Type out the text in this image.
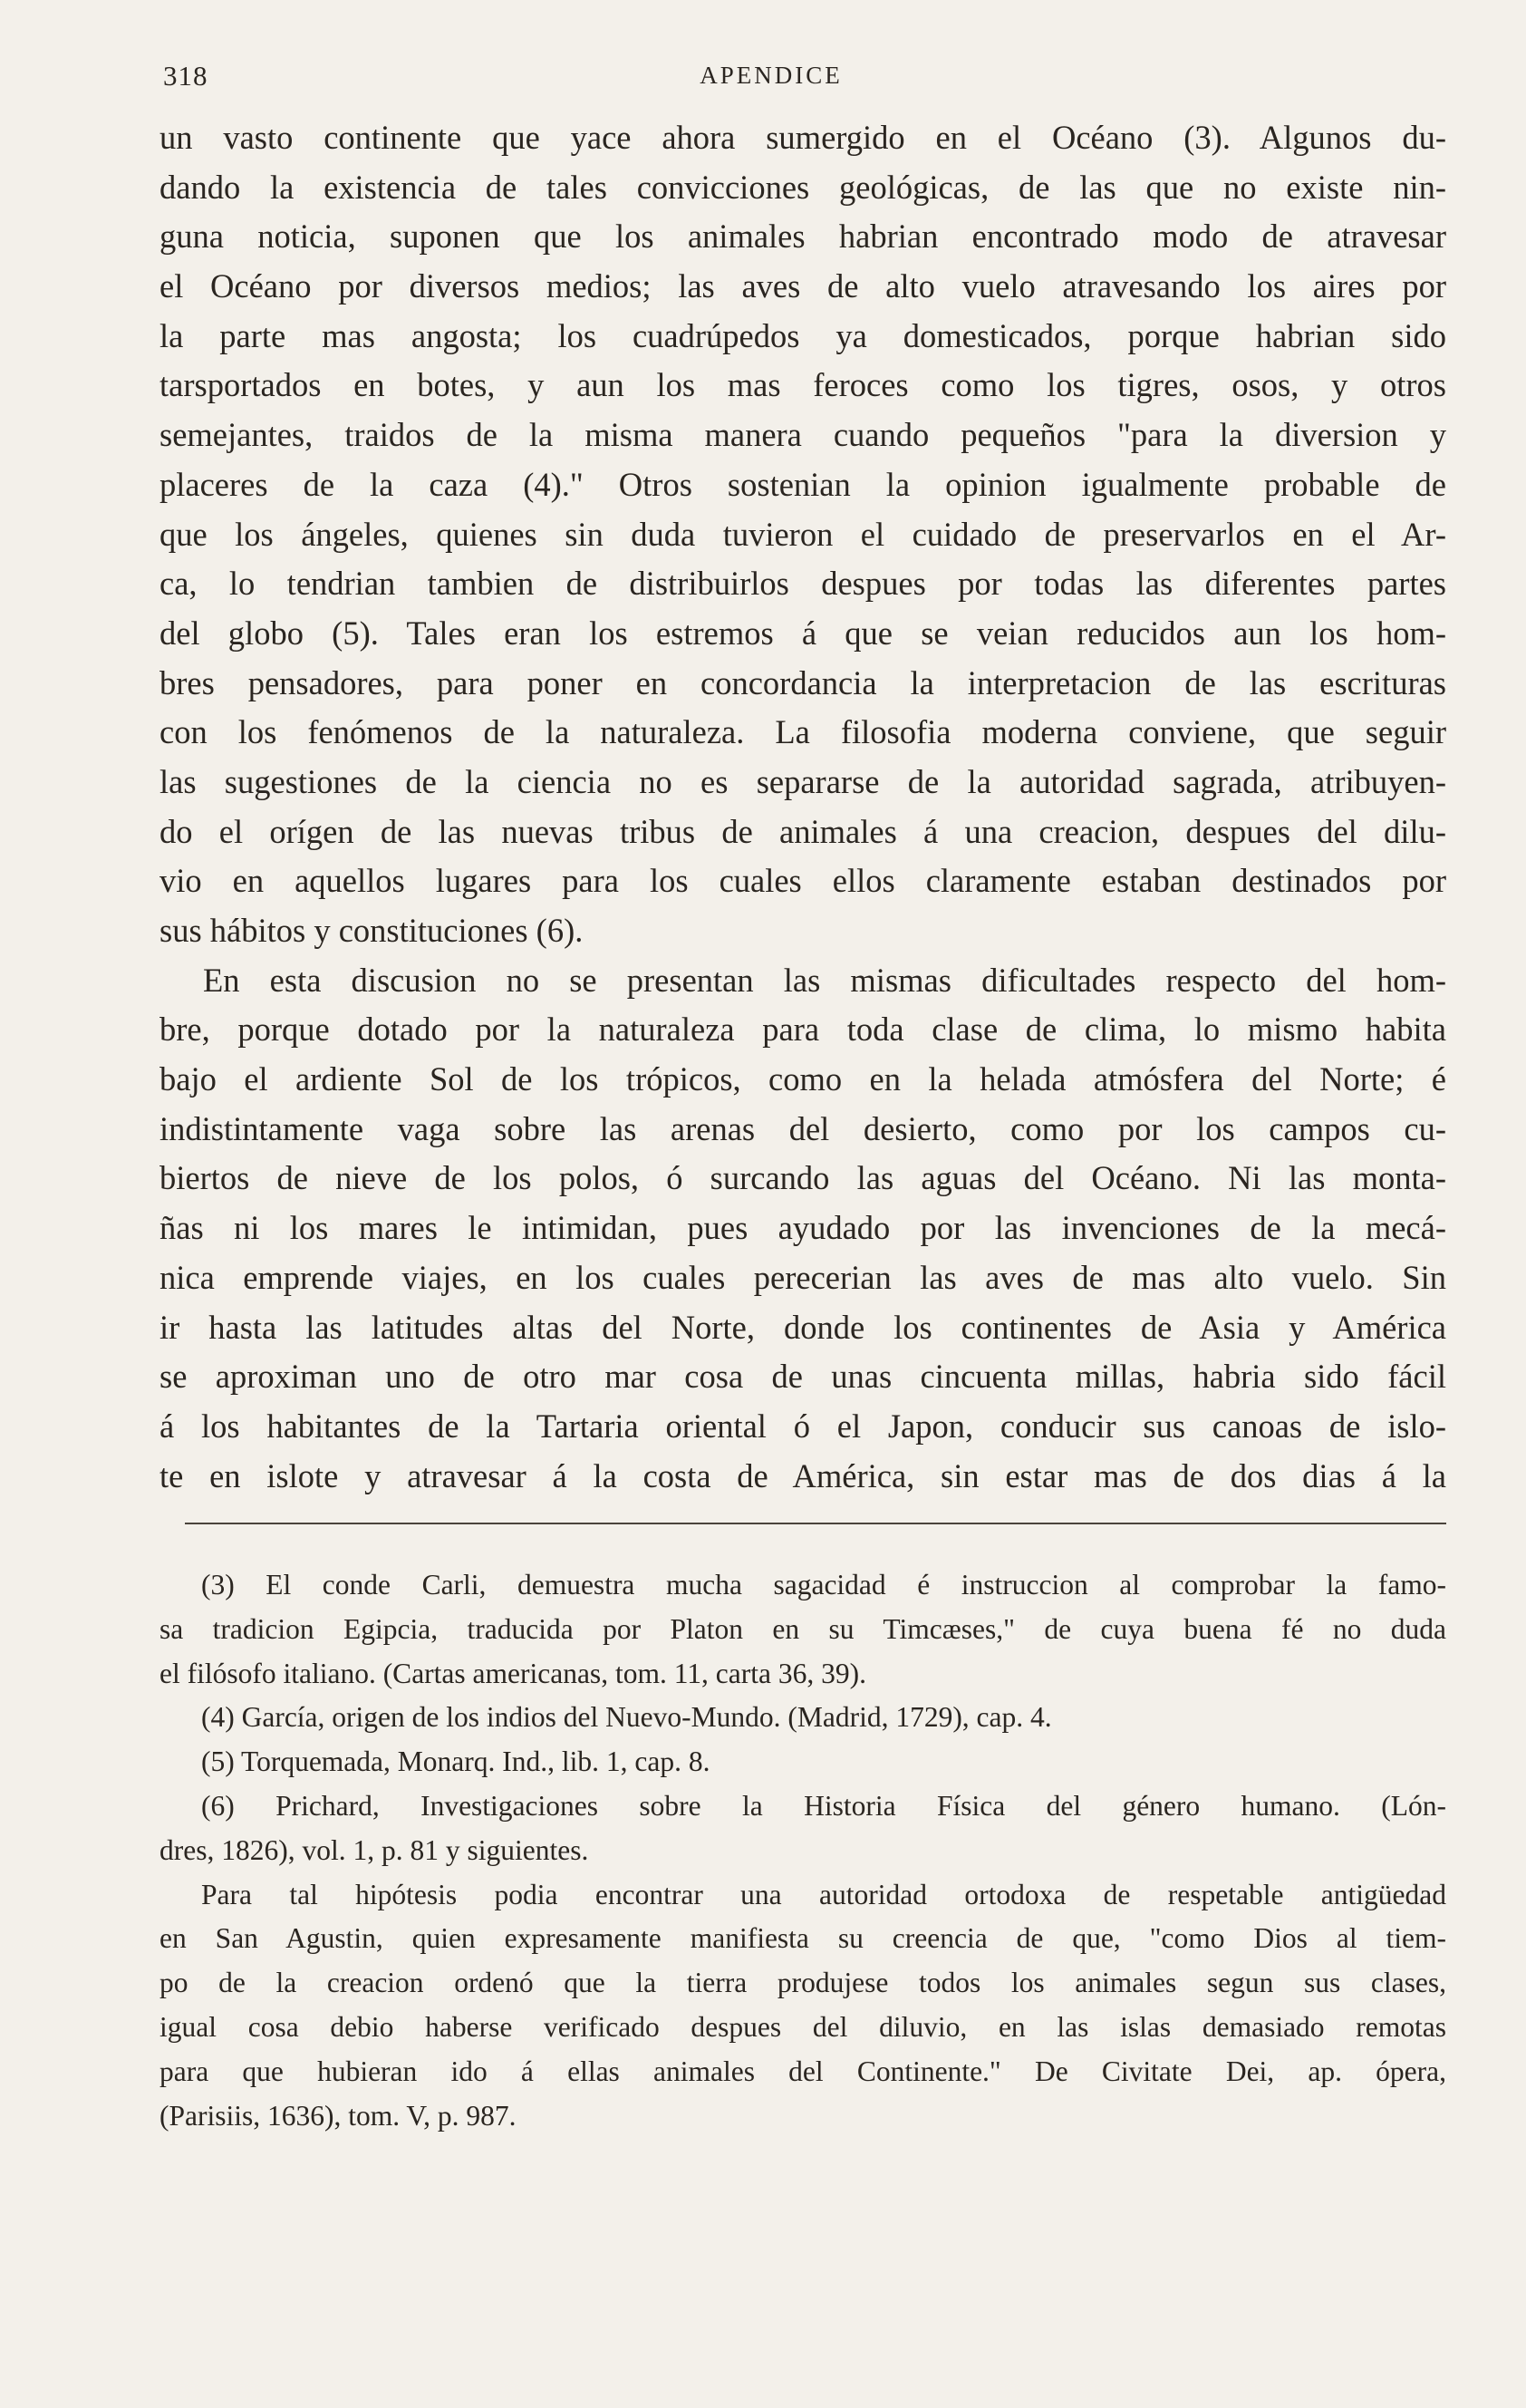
318	APENDICE
un vasto continente que yace ahora sumergido en el Océano (3). Algunos du-
dando la existencia de tales convicciones geológicas, de las que no existe nin-
guna noticia, suponen que los animales habrian encontrado modo de atravesar
el Océano por diversos medios; las aves de alto vuelo atravesando los aires por
la parte mas angosta; los cuadrúpedos ya domesticados, porque habrian sido
tarsportados en botes, y aun los mas feroces como los tigres, osos, y otros
semejantes, traidos de la misma manera cuando pequeños "para la diversion y
placeres de la caza (4)." Otros sostenian la opinion igualmente probable de
que los ángeles, quienes sin duda tuvieron el cuidado de preservarlos en el Ar-
ca, lo tendrian tambien de distribuirlos despues por todas las diferentes partes
del globo (5). Tales eran los estremos á que se veian reducidos aun los hom-
bres pensadores, para poner en concordancia la interpretacion de las escrituras
con los fenómenos de la naturaleza. La filosofia moderna conviene, que seguir
las sugestiones de la ciencia no es separarse de la autoridad sagrada, atribuyen-
do el orígen de las nuevas tribus de animales á una creacion, despues del dilu-
vio en aquellos lugares para los cuales ellos claramente estaban destinados por
sus hábitos y constituciones (6).
En esta discusion no se presentan las mismas dificultades respecto del hom-
bre, porque dotado por la naturaleza para toda clase de clima, lo mismo habita
bajo el ardiente Sol de los trópicos, como en la helada atmósfera del Norte; é
indistintamente vaga sobre las arenas del desierto, como por los campos cu-
biertos de nieve de los polos, ó surcando las aguas del Océano. Ni las monta-
ñas ni los mares le intimidan, pues ayudado por las invenciones de la mecá-
nica emprende viajes, en los cuales perecerian las aves de mas alto vuelo. Sin
ir hasta las latitudes altas del Norte, donde los continentes de Asia y América
se aproximan uno de otro mar cosa de unas cincuenta millas, habria sido fácil
á los habitantes de la Tartaria oriental ó el Japon, conducir sus canoas de islo-
te en islote y atravesar á la costa de América, sin estar mas de dos dias á la
(3) El conde Carli, demuestra mucha sagacidad é instruccion al comprobar la famo-
sa tradicion Egipcia, traducida por Platon en su Timcæses," de cuya buena fé no duda
el filósofo italiano. (Cartas americanas, tom. 11, carta 36, 39).
(4) García, origen de los indios del Nuevo-Mundo. (Madrid, 1729), cap. 4.
(5) Torquemada, Monarq. Ind., lib. 1, cap. 8.
(6) Prichard, Investigaciones sobre la Historia Física del género humano. (Lón-
dres, 1826), vol. 1, p. 81 y siguientes.
Para tal hipótesis podia encontrar una autoridad ortodoxa de respetable antigüedad
en San Agustin, quien expresamente manifiesta su creencia de que, "como Dios al tiem-
po de la creacion ordenó que la tierra produjese todos los animales segun sus clases,
igual cosa debio haberse verificado despues del diluvio, en las islas demasiado remotas
para que hubieran ido á ellas animales del Continente." De Civitate Dei, ap. ópera,
(Parisiis, 1636), tom. V, p. 987.
